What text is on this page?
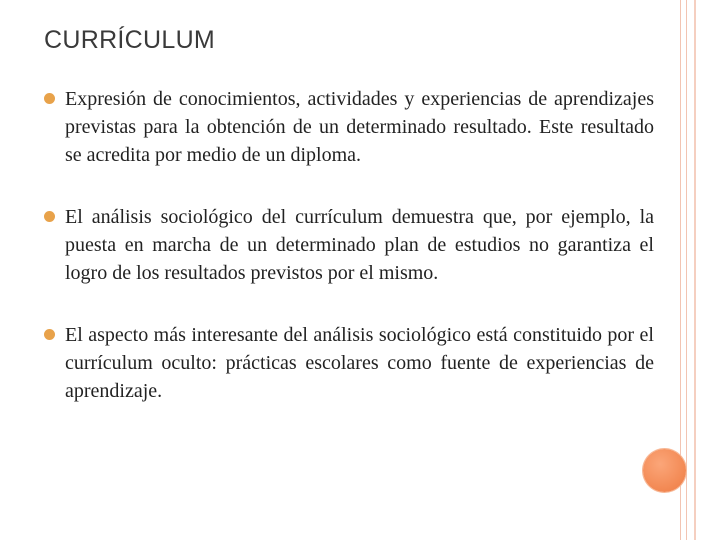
CURRÍCULUM
Expresión de conocimientos, actividades y experiencias de aprendizajes previstas para la obtención de un determinado resultado. Este resultado se acredita por medio de un diploma.
El análisis sociológico del currículum demuestra que, por ejemplo, la puesta en marcha de un determinado plan de estudios no garantiza el logro de los resultados previstos por el mismo.
El aspecto más interesante del análisis sociológico está constituido por el currículum oculto: prácticas escolares como fuente de experiencias de aprendizaje.
